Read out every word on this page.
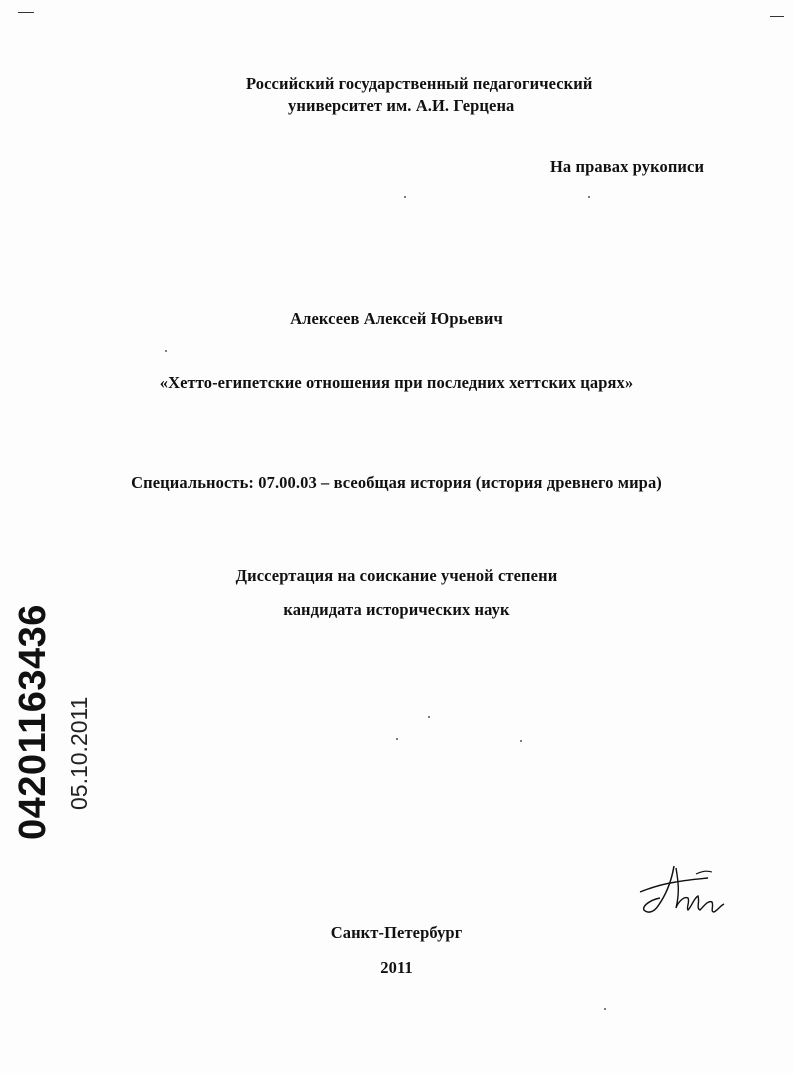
Российский государственный педагогический
университет им. А.И. Герцена
На правах рукописи
Алексеев Алексей Юрьевич
«Хетто-египетские отношения при последних хеттских царях»
Специальность: 07.00.03 – всеобщая история (история древнего мира)
Диссертация на соискание ученой степени
кандидата исторических наук
04201163436 05.10.2011
Санкт-Петербург
2011
